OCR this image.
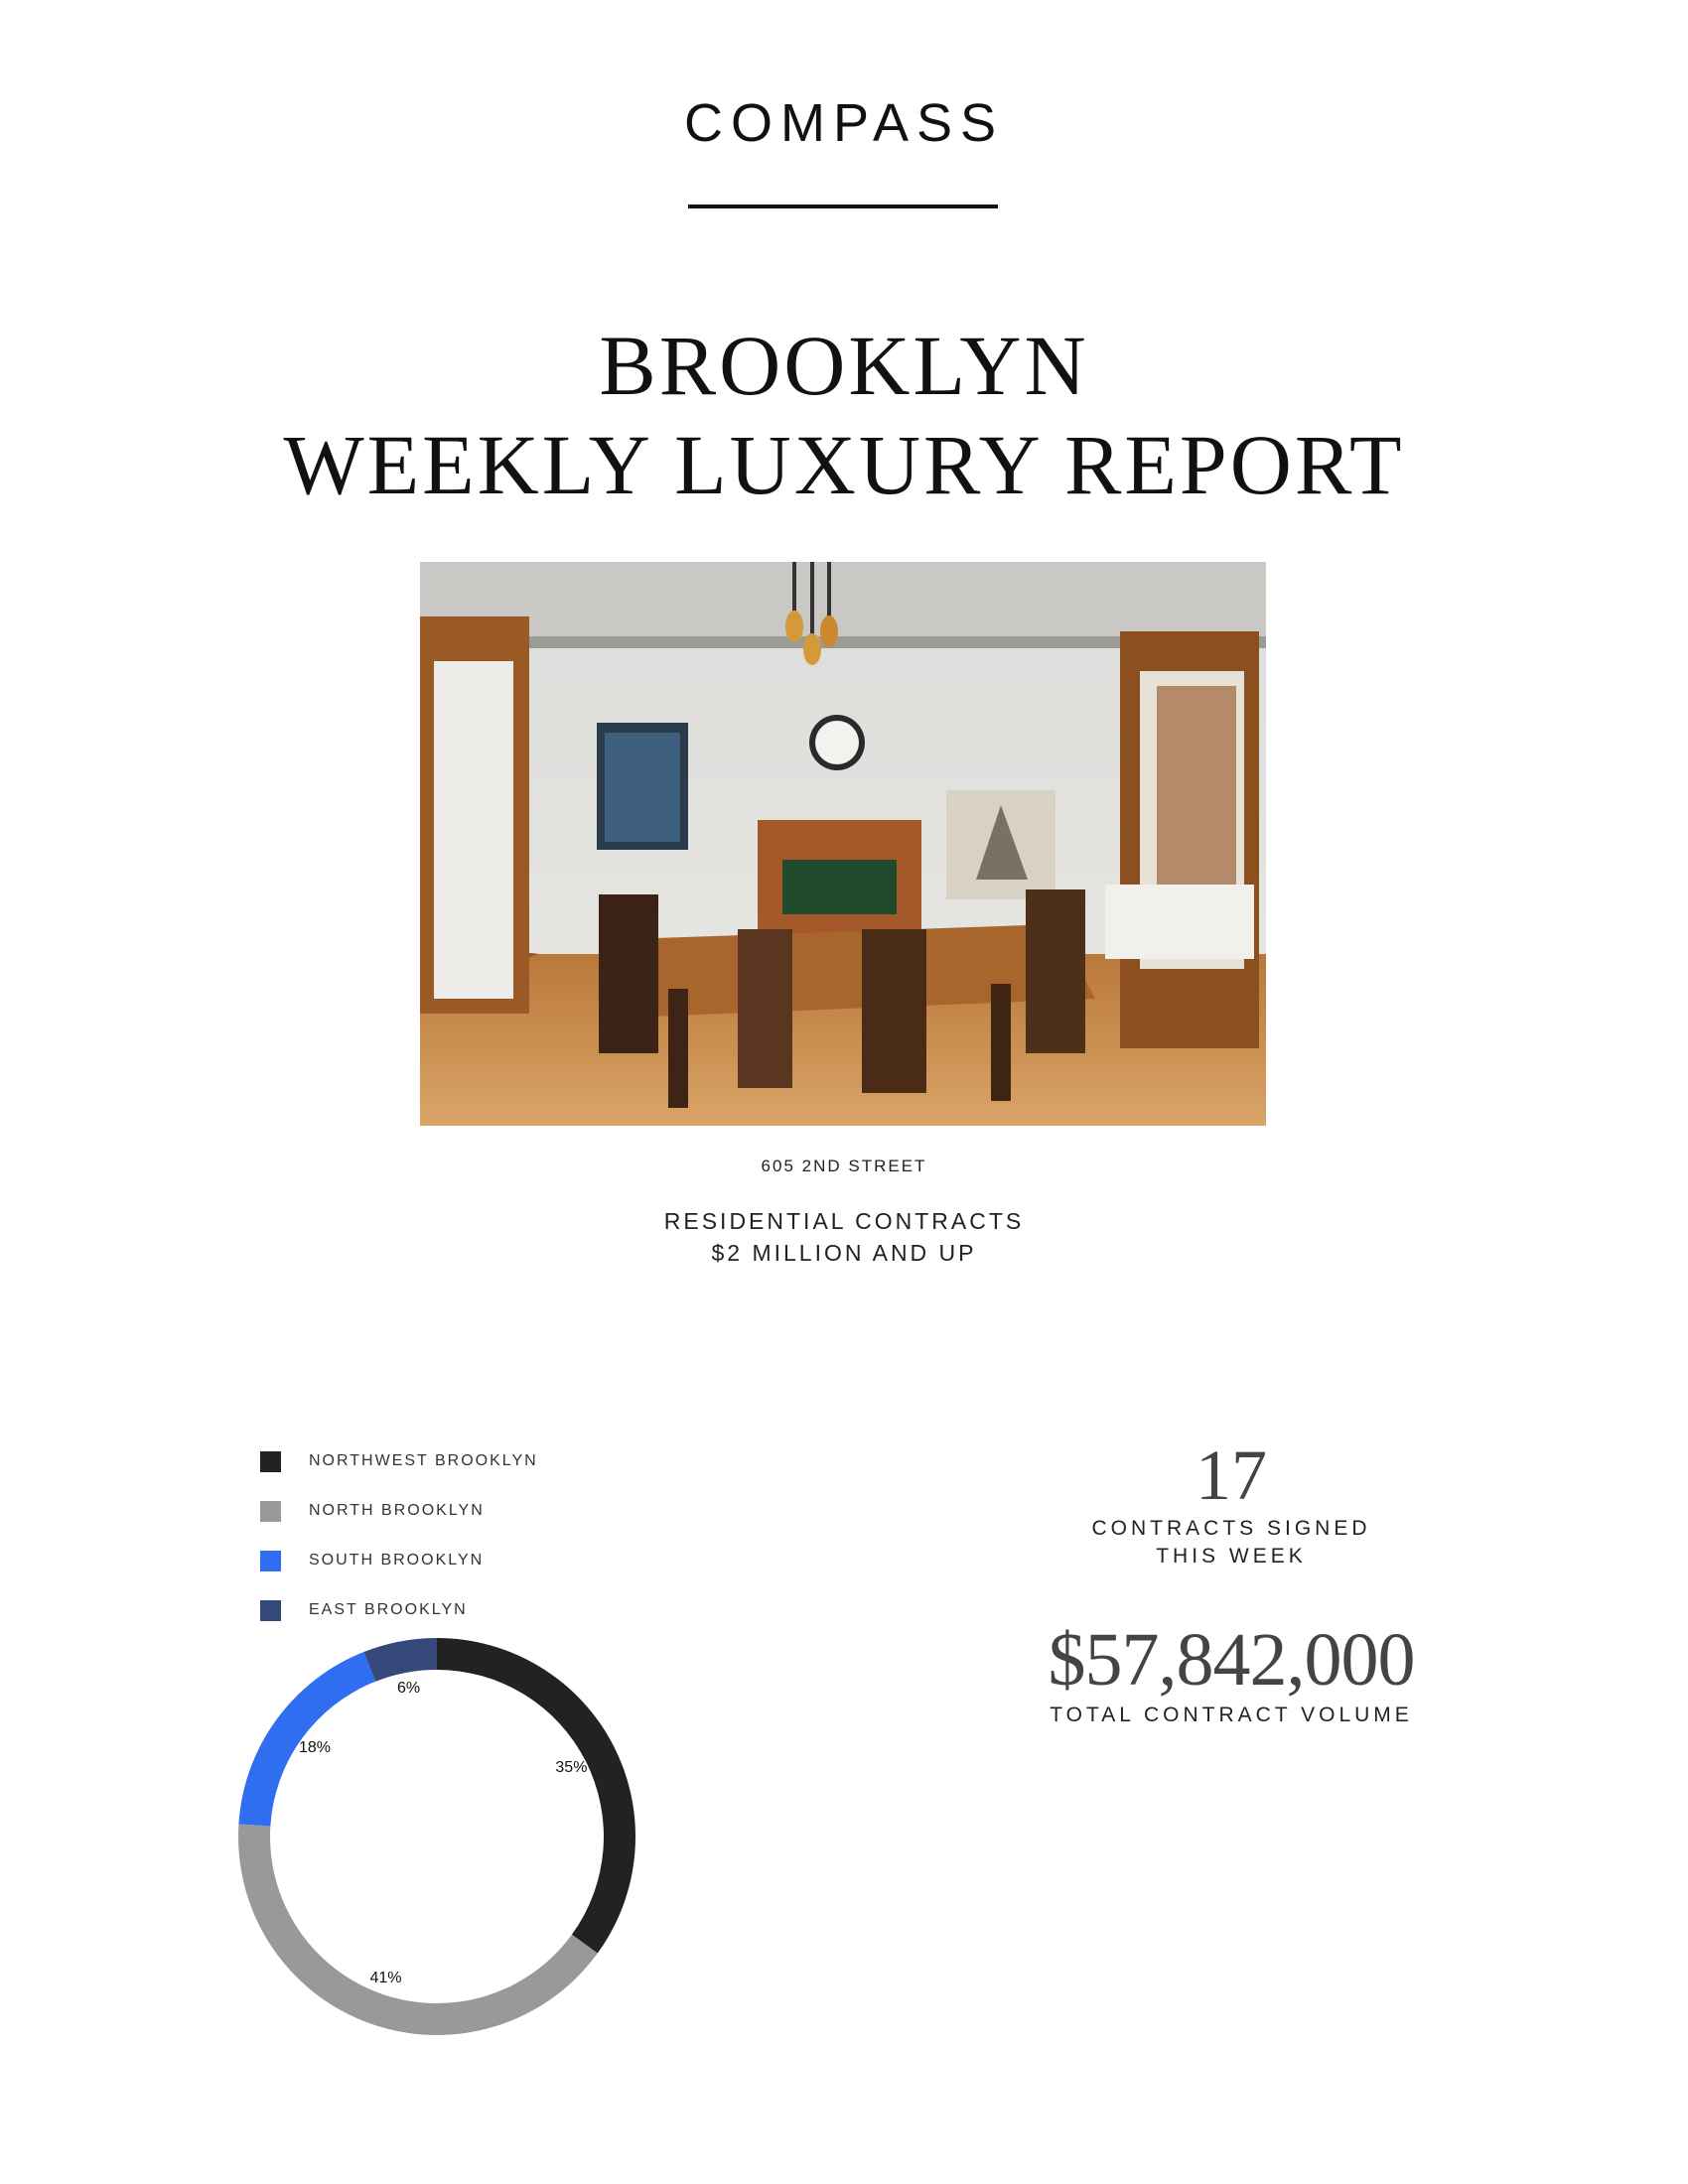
COMPASS
BROOKLYN
WEEKLY LUXURY REPORT
605 2ND STREET
RESIDENTIAL CONTRACTS
$2 MILLION AND UP
NORTHWEST BROOKLYN
NORTH BROOKLYN
SOUTH BROOKLYN
EAST BROOKLYN
35%
41%
18%
6%
17
CONTRACTS SIGNED
THIS WEEK
$57,842,000
TOTAL CONTRACT VOLUME
